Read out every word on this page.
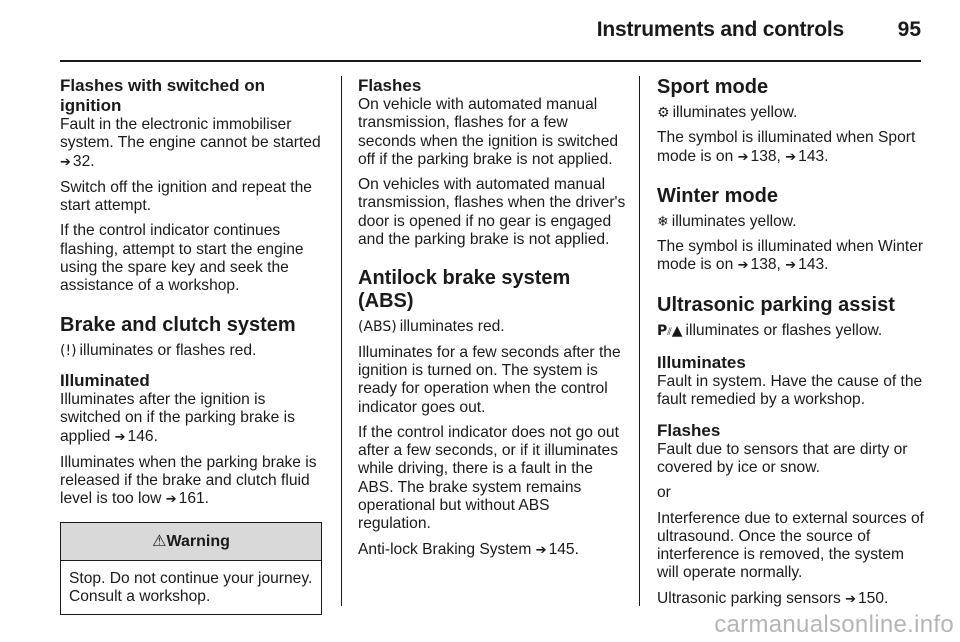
Instruments and controls	95
Flashes with switched on ignition

Fault in the electronic immobiliser system. The engine cannot be started ➔ 32.

Switch off the ignition and repeat the start attempt.

If the control indicator continues flashing, attempt to start the engine using the spare key and seek the assistance of a workshop.

Brake and clutch system

(!) illuminates or flashes red.

Illuminated

Illuminates after the ignition is switched on if the parking brake is applied ➔ 146.

Illuminates when the parking brake is released if the brake and clutch fluid level is too low ➔ 161.

⚠Warning
Stop. Do not continue your journey. Consult a workshop.
Flashes

On vehicle with automated manual transmission, flashes for a few seconds when the ignition is switched off if the parking brake is not applied.

On vehicles with automated manual transmission, flashes when the driver's door is opened if no gear is engaged and the parking brake is not applied.

Antilock brake system (ABS)

(ABS) illuminates red.

Illuminates for a few seconds after the ignition is turned on. The system is ready for operation when the control indicator goes out.

If the control indicator does not go out after a few seconds, or if it illuminates while driving, there is a fault in the ABS. The brake system remains operational but without ABS regulation.

Anti-lock Braking System ➔ 145.

Sport mode

⚙ illuminates yellow.

The symbol is illuminated when Sport mode is on ➔ 138, ➔ 143.

Winter mode

❄ illuminates yellow.

The symbol is illuminated when Winter mode is on ➔ 138, ➔ 143.

Ultrasonic parking assist

P⫽▲ illuminates or flashes yellow.

Illuminates

Fault in system. Have the cause of the fault remedied by a workshop.

Flashes

Fault due to sensors that are dirty or covered by ice or snow.

or

Interference due to external sources of ultrasound. Once the source of interference is removed, the system will operate normally.

Ultrasonic parking sensors ➔ 150.

carmanualsonline.info
